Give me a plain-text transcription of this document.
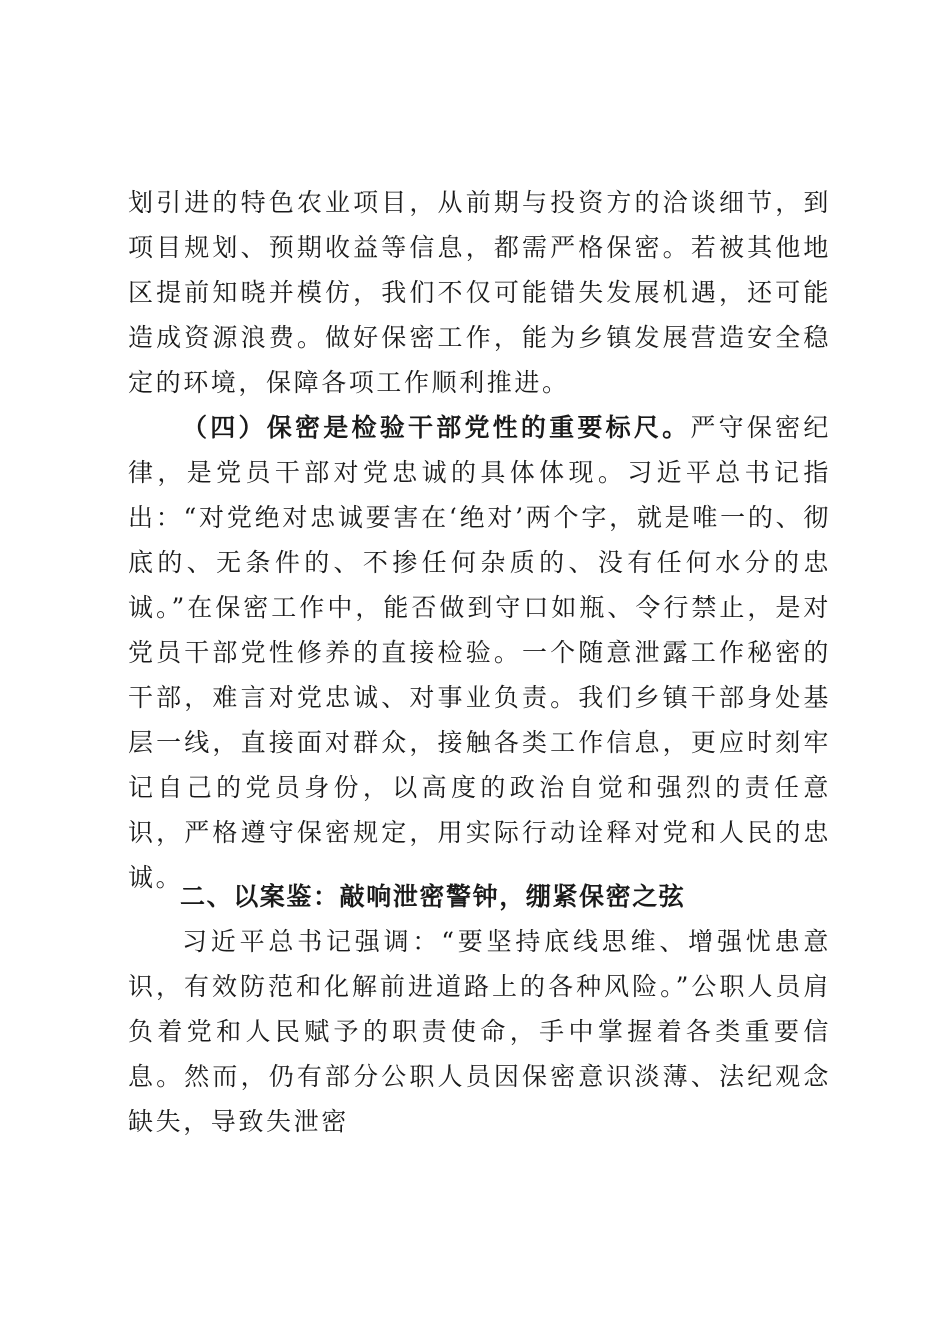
划引进的特色农业项目，从前期与投资方的洽谈细节，到项目规划、预期收益等信息，都需严格保密。若被其他地区提前知晓并模仿，我们不仅可能错失发展机遇，还可能造成资源浪费。做好保密工作，能为乡镇发展营造安全稳定的环境，保障各项工作顺利推进。

（四）保密是检验干部党性的重要标尺。严守保密纪律，是党员干部对党忠诚的具体体现。习近平总书记指出：“对党绝对忠诚要害在‘绝对’两个字，就是唯一的、彻底的、无条件的、不掺任何杂质的、没有任何水分的忠诚。”在保密工作中，能否做到守口如瓶、令行禁止，是对党员干部党性修养的直接检验。一个随意泄露工作秘密的干部，难言对党忠诚、对事业负责。我们乡镇干部身处基层一线，直接面对群众，接触各类工作信息，更应时刻牢记自己的党员身份，以高度的政治自觉和强烈的责任意识，严格遵守保密规定，用实际行动诠释对党和人民的忠诚。

二、以案鉴：敲响泄密警钟，绷紧保密之弦

习近平总书记强调：“要坚持底线思维、增强忧患意识，有效防范和化解前进道路上的各种风险。”公职人员肩负着党和人民赋予的职责使命，手中掌握着各类重要信息。然而，仍有部分公职人员因保密意识淡薄、法纪观念缺失，导致失泄密
